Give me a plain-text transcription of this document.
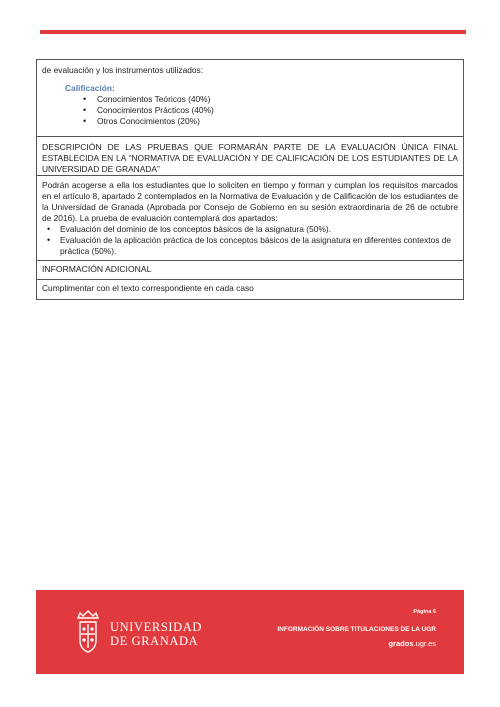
de evaluación y los instrumentos utilizados:
Calificación:
• Conocimientos Teóricos (40%)
• Conocimientos Prácticos (40%)
• Otros Conocimientos (20%)
DESCRIPCIÓN DE LAS PRUEBAS QUE FORMARÁN PARTE DE LA EVALUACIÓN ÚNICA FINAL
ESTABLECIDA EN LA “NORMATIVA DE EVALUACIÓN Y DE CALIFICACIÓN DE LOS ESTUDIANTES DE LA UNIVERSIDAD DE GRANADA”
Podrán acogerse a ella los estudiantes que lo soliciten en tiempo y forman y cumplan los requisitos marcados en el artículo 8, apartado 2 contemplados en la Normativa de Evaluación y de Calificación de los estudiantes de la Universidad de Granada (Aprobada por Consejo de Gobierno en su sesión extraordinaria de 26 de octubre de 2016). La prueba de evaluación contemplará dos apartados:
• Evaluación del dominio de los conceptos básicos de la asignatura (50%).
• Evaluación de la aplicación práctica de los conceptos básicos de la asignatura en diferentes contextos de práctica (50%).
INFORMACIÓN ADICIONAL
Cumplimentar con el texto correspondiente en cada caso
UNIVERSIDAD
DE GRANADA
Página 6
INFORMACIÓN SOBRE TITULACIONES DE LA UGR
grados.ugr.es
